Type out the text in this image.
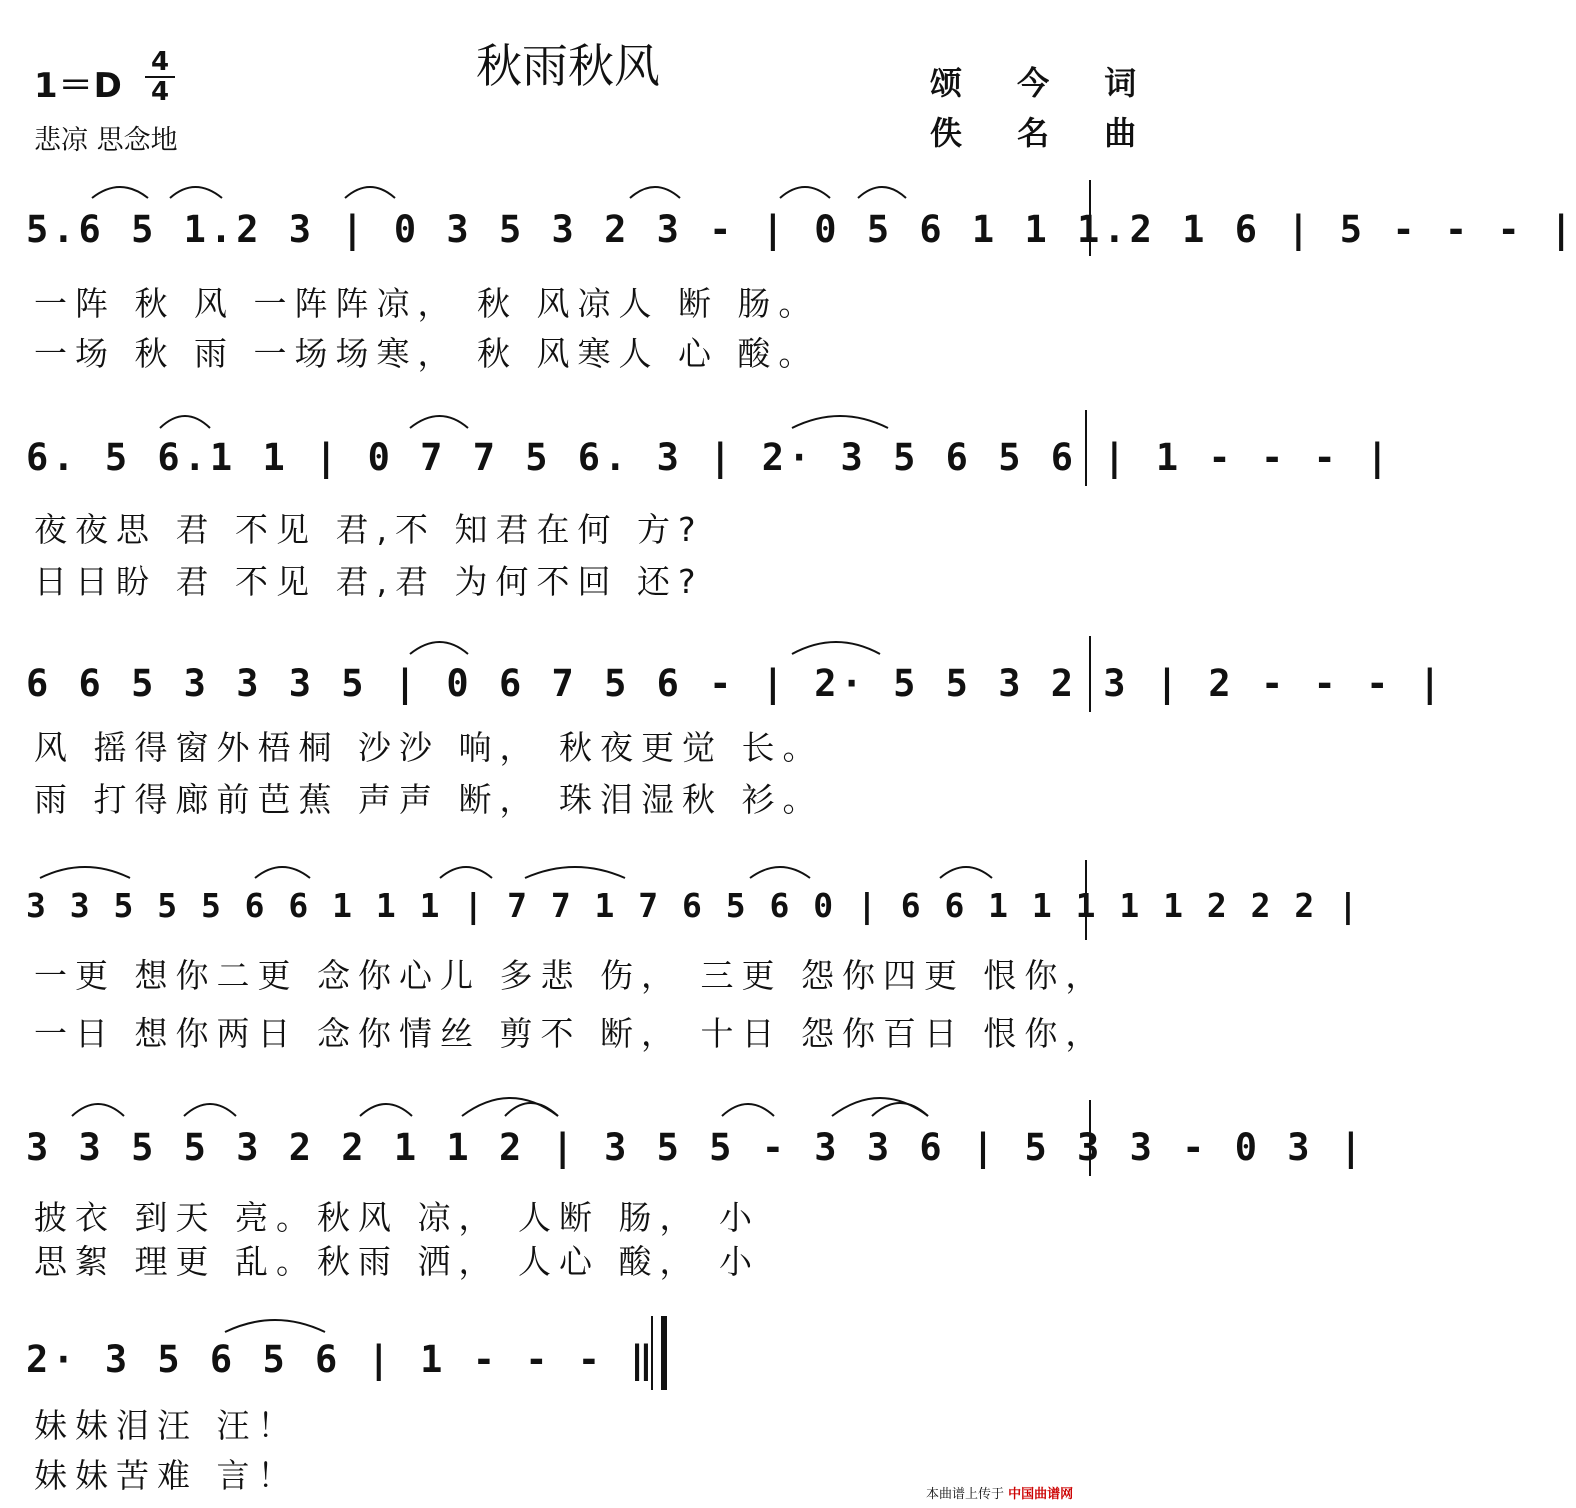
秋雨秋风
1＝D
4
4
悲凉 思念地
颂 今 词
佚 名 曲
5.6 5 1.2 3 | 0 3 5 3 2 3 - | 0 5 6 1 1 1.2 1 6 | 5 - - - |
一阵 秋 风 一阵阵凉， 秋 风凉人 断 肠。
一场 秋 雨 一场场寒， 秋 风寒人 心 酸。
6. 5 6.1 1 | 0 7 7 5 6. 3 | 2· 3 5 6 5 6 | 1 - - - |
夜夜思 君 不见 君,不 知君在何 方?
日日盼 君 不见 君,君 为何不回 还?
6 6 5 3 3 3 5 | 0 6 7 5 6 - | 2· 5 5 3 2 3 | 2 - - - |
风 摇得窗外梧桐 沙沙 响， 秋夜更觉 长。
雨 打得廊前芭蕉 声声 断， 珠泪湿秋 衫。
3 3 5 5 5 6 6 1 1 1 | 7 7 1 7 6 5 6 0 | 6 6 1 1 1 1 1 2 2 2 |
一更 想你二更 念你心儿 多悲 伤， 三更 怨你四更 恨你，
一日 想你两日 念你情丝 剪不 断， 十日 怨你百日 恨你，
3 3 5 5 3 2 2 1 1 2 | 3 5 5 - 3 3 6 | 5 3 3 - 0 3 |
披衣 到天 亮。秋风 凉， 人断 肠， 小
思絮 理更 乱。秋雨 洒， 人心 酸， 小
2· 3 5 6 5 6 | 1 - - - ‖
妹妹泪汪 汪！
妹妹苦难 言！	本曲谱上传于 中国曲谱网
